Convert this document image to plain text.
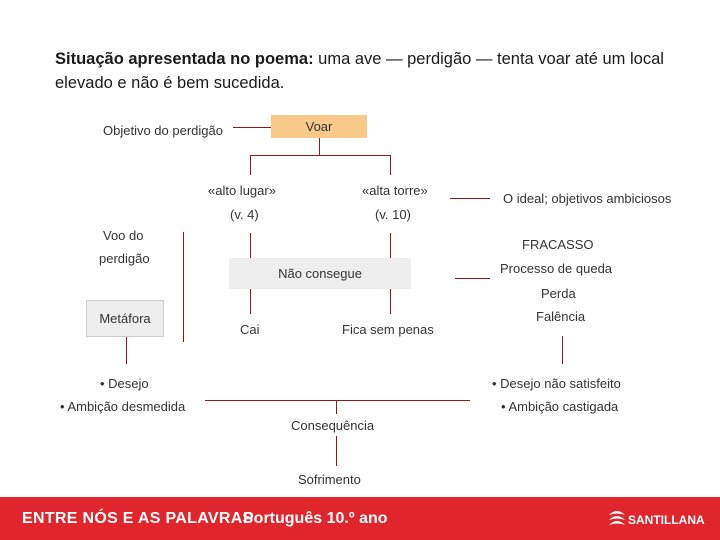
Situação apresentada no poema: uma ave — perdigão — tenta voar até um local elevado e não é bem sucedida.
Objetivo do perdigão	Voar
«alto lugar»
(v. 4)
«alta torre»
(v. 10)
O ideal; objetivos ambiciosos
Voo do
perdigão
FRACASSO
Processo de queda
Não consegue
Perda
Metáfora
Cai	Fica sem penas
Falência
• Desejo
• Ambição desmedida
• Desejo não satisfeito
• Ambição castigada
Consequência
Sofrimento
ENTRE NÓS E AS PALAVRAS
Português 10.º ano	SANTILLANA
